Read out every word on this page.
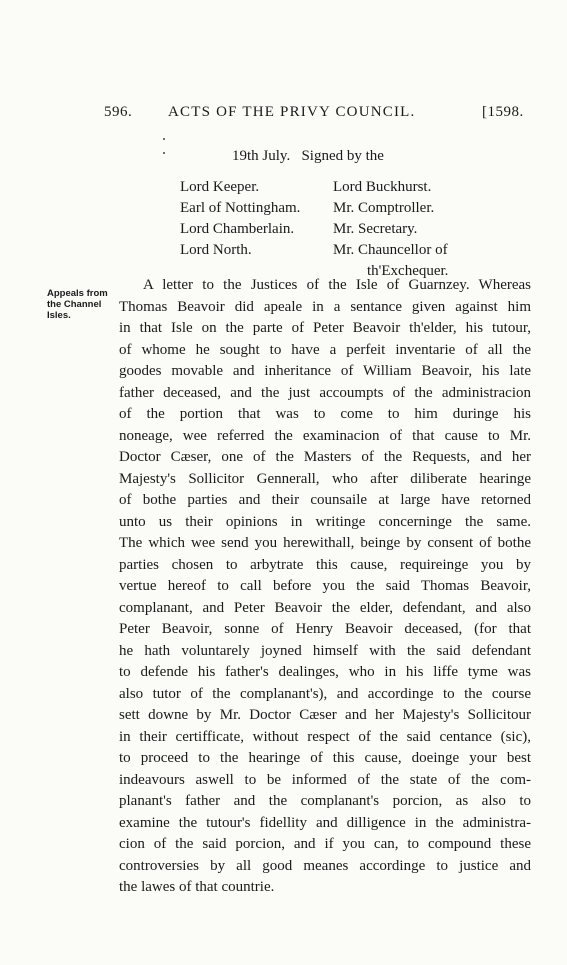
596. ACTS OF THE PRIVY COUNCIL.	[1598.
19th July.   Signed by the
Lord Keeper.
Earl of Nottingham.
Lord Chamberlain.
Lord North.
Lord Buckhurst.
Mr. Comptroller.
Mr. Secretary.
Mr. Chauncellor of
th'Exchequer.
Appeals from
the Channel
Isles.
A letter to the Justices of the Isle of Guarnzey. Whereas
Thomas Beavoir did apeale in a sentance given against him
in that Isle on the parte of Peter Beavoir th'elder, his tutour,
of whome he sought to have a perfeit inventarie of all the
goodes movable and inheritance of William Beavoir, his late
father deceased, and the just accoumpts of the administracion
of the portion that was to come to him duringe his
noneage, wee referred the examinacion of that cause to Mr.
Doctor Cæser, one of the Masters of the Requests, and her
Majesty's Sollicitor Gennerall, who after diliberate hearinge
of bothe parties and their counsaile at large have retorned
unto us their opinions in writinge concerninge the same.
The which wee send you herewithall, beinge by consent of bothe
parties chosen to arbytrate this cause, requireinge you by
vertue hereof to call before you the said Thomas Beavoir,
complanant, and Peter Beavoir the elder, defendant, and also
Peter Beavoir, sonne of Henry Beavoir deceased, (for that
he hath voluntarely joyned himself with the said defendant
to defende his father's dealinges, who in his liffe tyme was
also tutor of the complanant's), and accordinge to the course
sett downe by Mr. Doctor Cæser and her Majesty's Sollicitour
in their certifficate, without respect of the said centance (sic),
to proceed to the hearinge of this cause, doeinge your best
indeavours aswell to be informed of the state of the com-
planant's father and the complanant's porcion, as also to
examine the tutour's fidellity and dilligence in the administra-
cion of the said porcion, and if you can, to compound these
controversies by all good meanes accordinge to justice and
the lawes of that countrie.
